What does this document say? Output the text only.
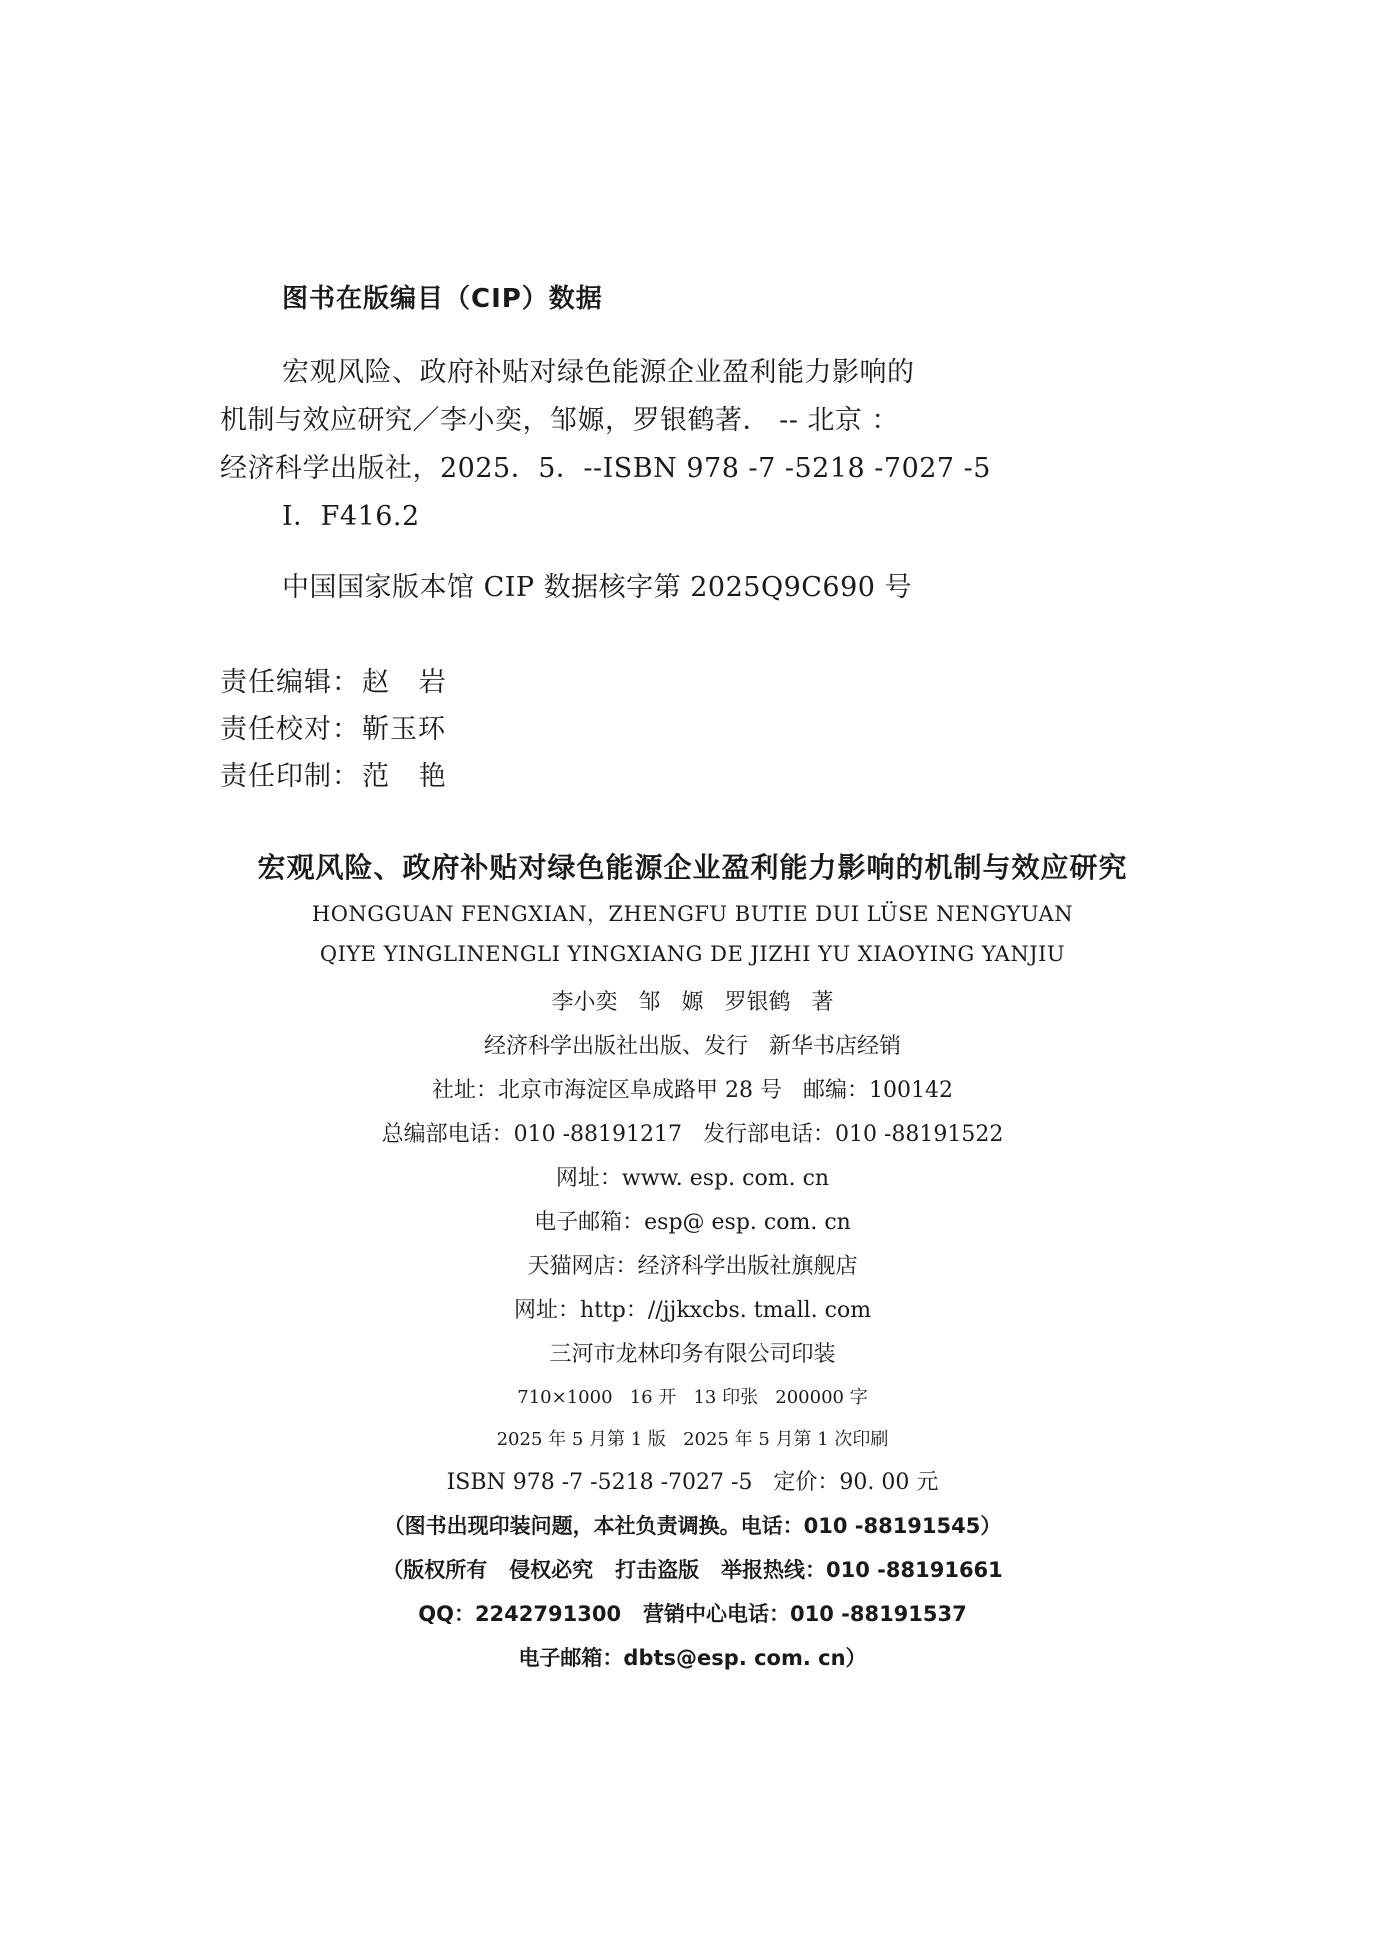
图书在版编目（CIP）数据
宏观风险、政府补贴对绿色能源企业盈利能力影响的
机制与效应研究／李小奕，邹嫄，罗银鹤著． -- 北京 ：
经济科学出版社，2025．5．--ISBN 978 -7 -5218 -7027 -5
Ⅰ．F416.2
中国国家版本馆 CIP 数据核字第 2025Q9C690 号
责任编辑：赵   岩
责任校对：靳玉环
责任印制：范   艳
宏观风险、政府补贴对绿色能源企业盈利能力影响的机制与效应研究
HONGGUAN FENGXIAN，ZHENGFU BUTIE DUI LÜSE NENGYUAN
QIYE YINGLINENGLI YINGXIANG DE JIZHI YU XIAOYING YANJIU
李小奕   邹   嫄   罗银鹤   著
经济科学出版社出版、发行   新华书店经销
社址：北京市海淀区阜成路甲 28 号   邮编：100142
总编部电话：010 -88191217   发行部电话：010 -88191522
网址：www. esp. com. cn
电子邮箱：esp@ esp. com. cn
天猫网店：经济科学出版社旗舰店
网址：http：//jjkxcbs. tmall. com
三河市龙林印务有限公司印装
710×1000   16 开   13 印张   200000 字
2025 年 5 月第 1 版   2025 年 5 月第 1 次印刷
ISBN 978 -7 -5218 -7027 -5   定价：90. 00 元
（图书出现印装问题，本社负责调换。电话：010 -88191545）
（版权所有   侵权必究   打击盗版   举报热线：010 -88191661
QQ：2242791300   营销中心电话：010 -88191537
电子邮箱：dbts@esp. com. cn）
